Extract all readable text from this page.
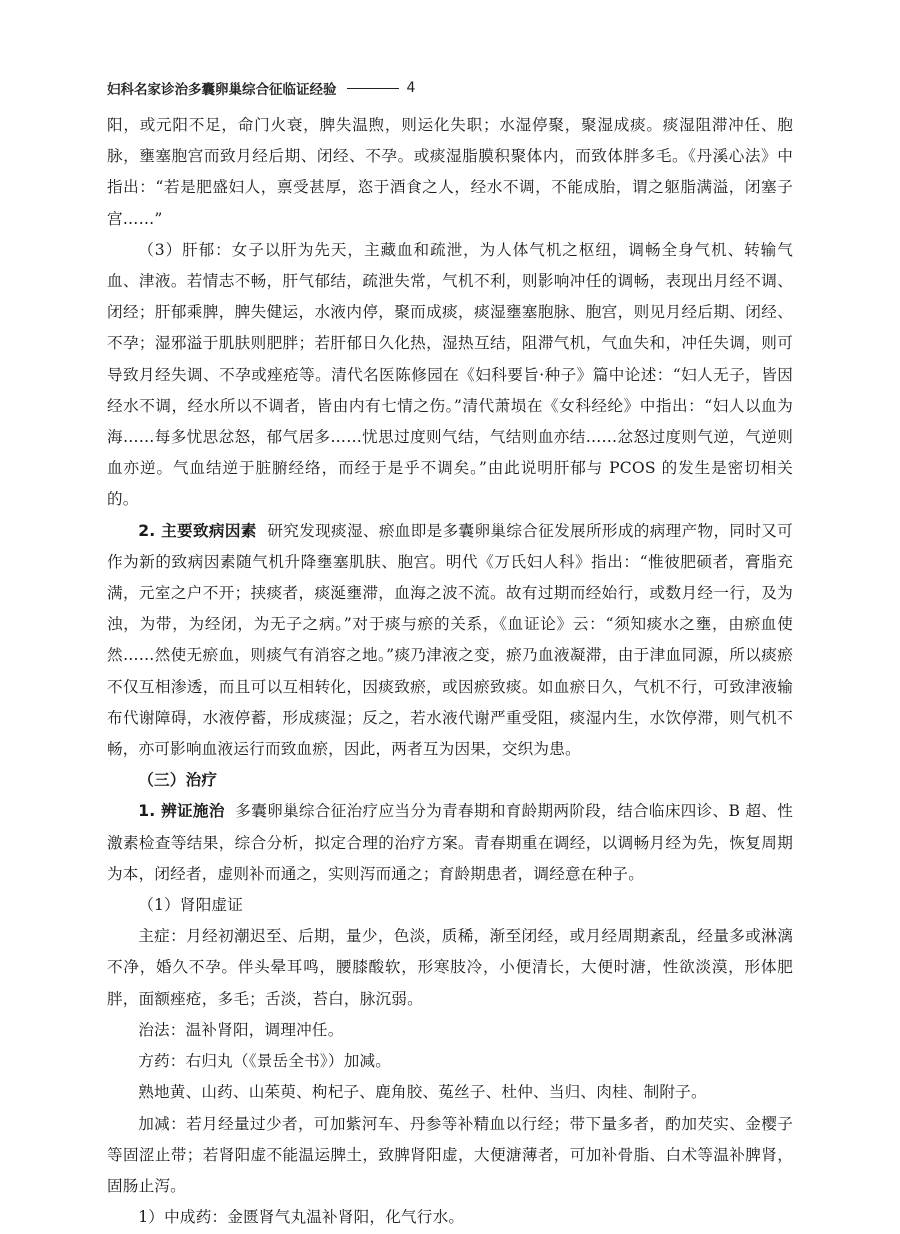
妇科名家诊治多囊卵巢综合征临证经验	4

阳，或元阳不足，命门火衰，脾失温煦，则运化失职；水湿停聚，聚湿成痰。痰湿阻滞冲任、胞脉，壅塞胞宫而致月经后期、闭经、不孕。或痰湿脂膜积聚体内，而致体胖多毛。《丹溪心法》中指出：“若是肥盛妇人，禀受甚厚，恣于酒食之人，经水不调，不能成胎，谓之躯脂满溢，闭塞子宫……”

（3）肝郁：女子以肝为先天，主藏血和疏泄，为人体气机之枢纽，调畅全身气机、转输气血、津液。若情志不畅，肝气郁结，疏泄失常，气机不利，则影响冲任的调畅，表现出月经不调、闭经；肝郁乘脾，脾失健运，水液内停，聚而成痰，痰湿壅塞胞脉、胞宫，则见月经后期、闭经、不孕；湿邪溢于肌肤则肥胖；若肝郁日久化热，湿热互结，阻滞气机，气血失和，冲任失调，则可导致月经失调、不孕或痤疮等。清代名医陈修园在《妇科要旨·种子》篇中论述：“妇人无子，皆因经水不调，经水所以不调者，皆由内有七情之伤。”清代萧埙在《女科经纶》中指出：“妇人以血为海……每多忧思忿怒，郁气居多……忧思过度则气结，气结则血亦结……忿怒过度则气逆，气逆则血亦逆。气血结逆于脏腑经络，而经于是乎不调矣。”由此说明肝郁与 PCOS 的发生是密切相关的。

2. 主要致病因素 研究发现痰湿、瘀血即是多囊卵巢综合征发展所形成的病理产物，同时又可作为新的致病因素随气机升降壅塞肌肤、胞宫。明代《万氏妇人科》指出：“惟彼肥硕者，膏脂充满，元室之户不开；挟痰者，痰涎壅滞，血海之波不流。故有过期而经始行，或数月经一行，及为浊，为带，为经闭，为无子之病。”对于痰与瘀的关系，《血证论》云：“须知痰水之壅，由瘀血使然……然使无瘀血，则痰气有消容之地。”痰乃津液之变，瘀乃血液凝滞，由于津血同源，所以痰瘀不仅互相渗透，而且可以互相转化，因痰致瘀，或因瘀致痰。如血瘀日久，气机不行，可致津液输布代谢障碍，水液停蓄，形成痰湿；反之，若水液代谢严重受阻，痰湿内生，水饮停滞，则气机不畅，亦可影响血液运行而致血瘀，因此，两者互为因果，交织为患。

（三）治疗

1. 辨证施治 多囊卵巢综合征治疗应当分为青春期和育龄期两阶段，结合临床四诊、B 超、性激素检查等结果，综合分析，拟定合理的治疗方案。青春期重在调经，以调畅月经为先，恢复周期为本，闭经者，虚则补而通之，实则泻而通之；育龄期患者，调经意在种子。

（1）肾阳虚证

主症：月经初潮迟至、后期，量少，色淡，质稀，渐至闭经，或月经周期紊乱，经量多或淋漓不净，婚久不孕。伴头晕耳鸣，腰膝酸软，形寒肢冷，小便清长，大便时溏，性欲淡漠，形体肥胖，面额痤疮，多毛；舌淡，苔白，脉沉弱。

治法：温补肾阳，调理冲任。

方药：右归丸（《景岳全书》）加减。

熟地黄、山药、山茱萸、枸杞子、鹿角胶、菟丝子、杜仲、当归、肉桂、制附子。

加减：若月经量过少者，可加紫河车、丹参等补精血以行经；带下量多者，酌加芡实、金樱子等固涩止带；若肾阳虚不能温运脾土，致脾肾阳虚，大便溏薄者，可加补骨脂、白术等温补脾肾，固肠止泻。

1）中成药：金匮肾气丸温补肾阳，化气行水。
